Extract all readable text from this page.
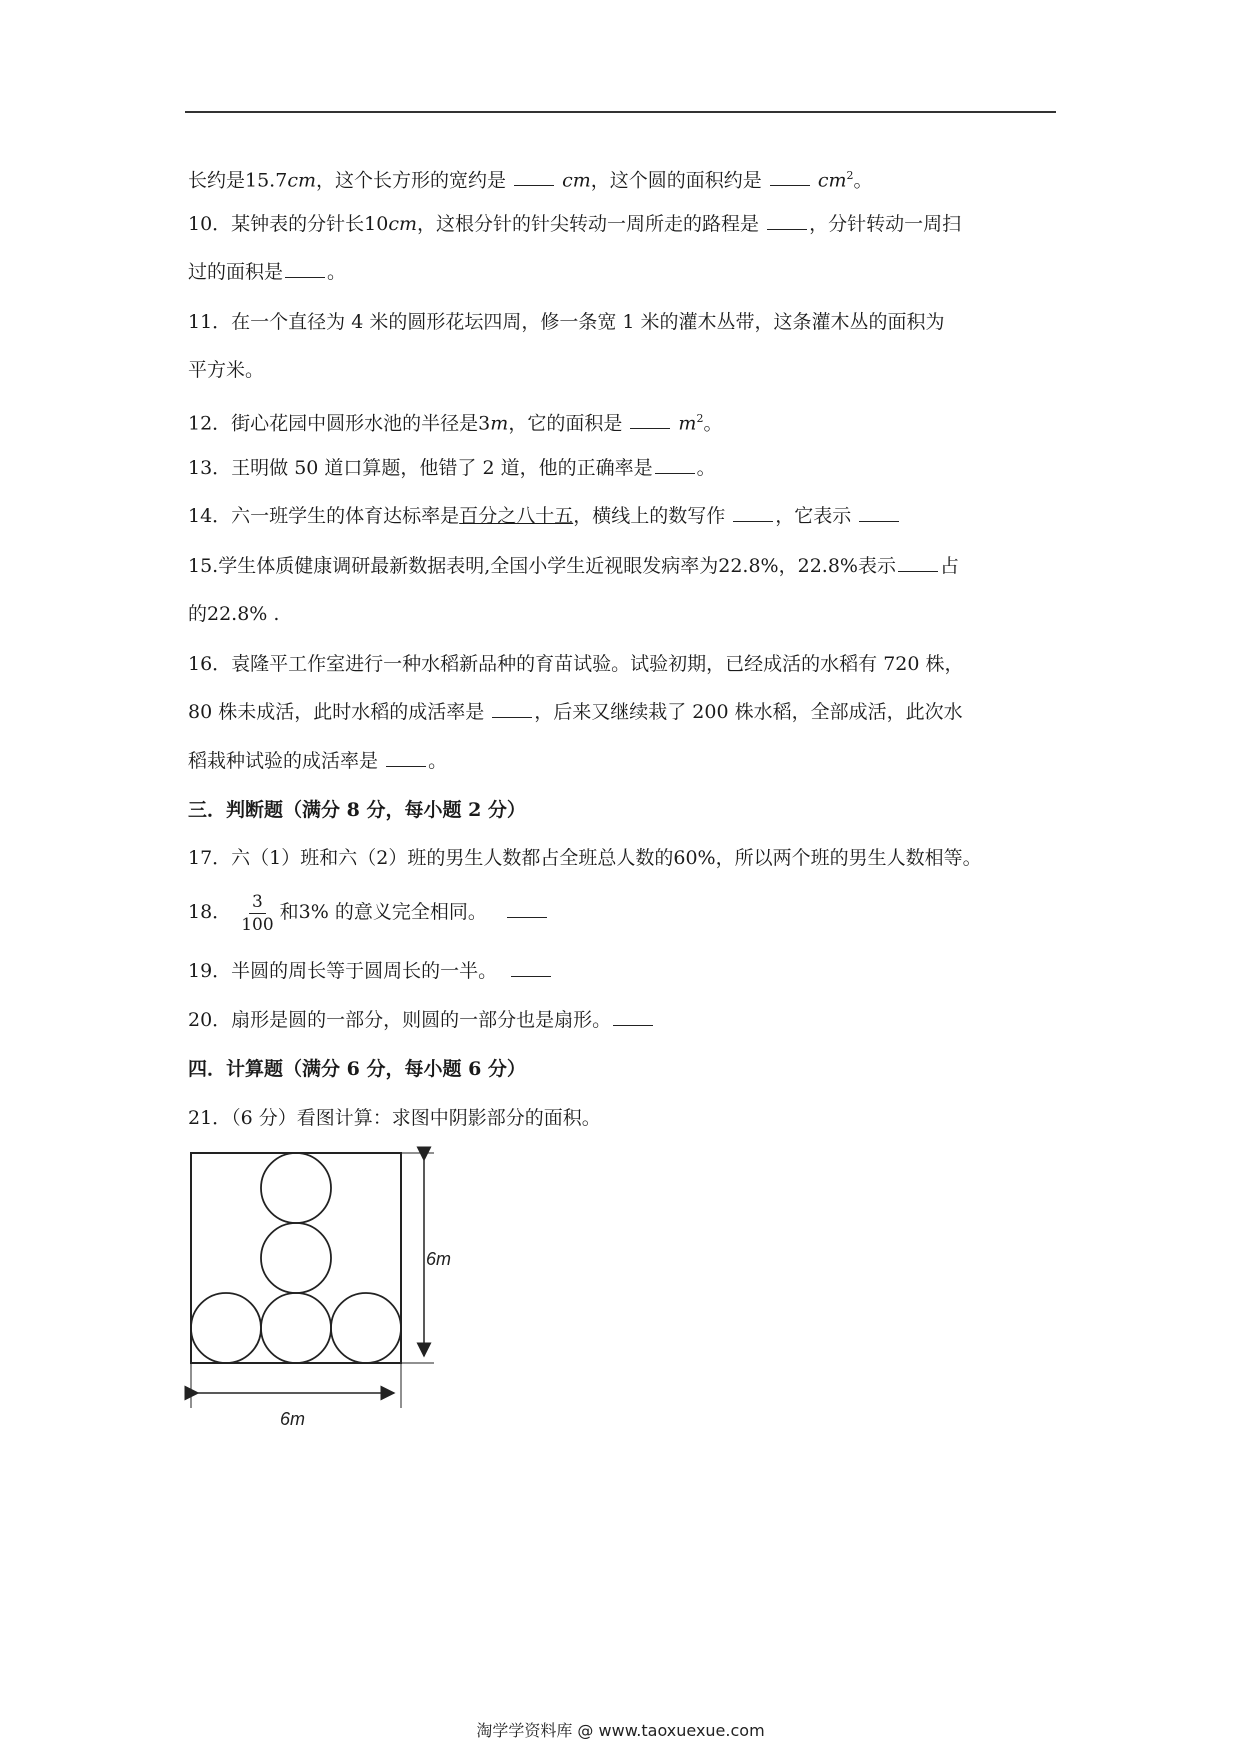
长约是15.7cm，这个长方形的宽约是	cm，这个圆的面积约是	$cm^2$。
10．某钟表的分针长10cm，这根分针的针尖转动一周所走的路程是	，分针转动一周扫
过的面积是 。
11．在一个直径为 4 米的圆形花坛四周，修一条宽 1 米的灌木丛带，这条灌木丛的面积为
平方米。
12．街心花园中圆形水池的半径是3m，它的面积是	$m^2$。
13．王明做 50 道口算题，他错了 2 道，他的正确率是 。
14．六一班学生的体育达标率是百分之八十五，横线上的数写作	，它表示
15.学生体质健康调研最新数据表明,全国小学生近视眼发病率为22.8%，22.8%表示 占
的22.8% .
16．袁隆平工作室进行一种水稻新品种的育苗试验。试验初期，已经成活的水稻有 720 株，
80 株未成活，此时水稻的成活率是	，后来又继续栽了 200 株水稻，全部成活，此次水
稻栽种试验的成活率是	。
三．判断题（满分 8 分，每小题 2 分）
17．六（1）班和六（2）班的男生人数都占全班总人数的60%，所以两个班的男生人数相等。
18． $\frac{3}{100}$ 和3% 的意义完全相同。
19．半圆的周长等于圆周长的一半。
20．扇形是圆的一部分，则圆的一部分也是扇形。
四．计算题（满分 6 分，每小题 6 分）
21．（6 分）看图计算：求图中阴影部分的面积。
6m
6m
淘学学资料库 @ www.taoxuexue.com
